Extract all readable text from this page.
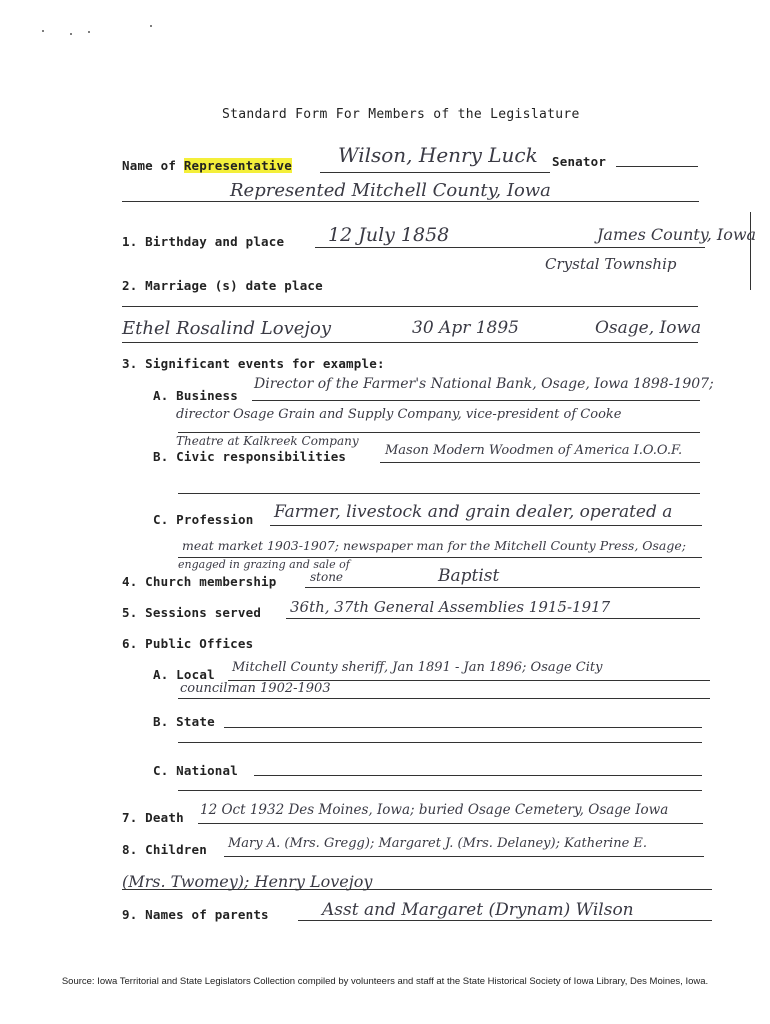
Standard Form For Members of the Legislature
Name of Representative Wilson, Henry Luck Senator
Represented Mitchell County, Iowa
1. Birthday and place 12 July 1858	James County, Iowa
Crystal Township
2. Marriage (s) date place
Ethel Rosalind Lovejoy	30 Apr 1895	Osage, Iowa
3. Significant events for example:
A. Business
Director of the Farmer's National Bank, Osage, Iowa 1898-1907;
director Osage Grain and Supply Company, vice-president of Cooke
Theatre at Kalkreek Company
B. Civic responsibilities	Mason Modern Woodmen of America I.O.O.F.
C. Profession Farmer, livestock and grain dealer, operated a
meat market 1903-1907; newspaper man for the Mitchell County Press, Osage;
engaged in grazing and sale of
4. Church membership	stone	Baptist
5. Sessions served 36th, 37th General Assemblies 1915-1917
6. Public Offices
A. Local Mitchell County sheriff, Jan 1891 - Jan 1896; Osage City
councilman 1902-1903
B. State
C. National
7. Death 12 Oct 1932 Des Moines, Iowa; buried Osage Cemetery, Osage Iowa
8. Children Mary A. (Mrs. Gregg); Margaret J. (Mrs. Delaney); Katherine E.
(Mrs. Twomey); Henry Lovejoy
9. Names of parents	Asst and Margaret (Drynam) Wilson
Source: Iowa Territorial and State Legislators Collection compiled by volunteers and staff at the State Historical Society of Iowa Library, Des Moines, Iowa.
